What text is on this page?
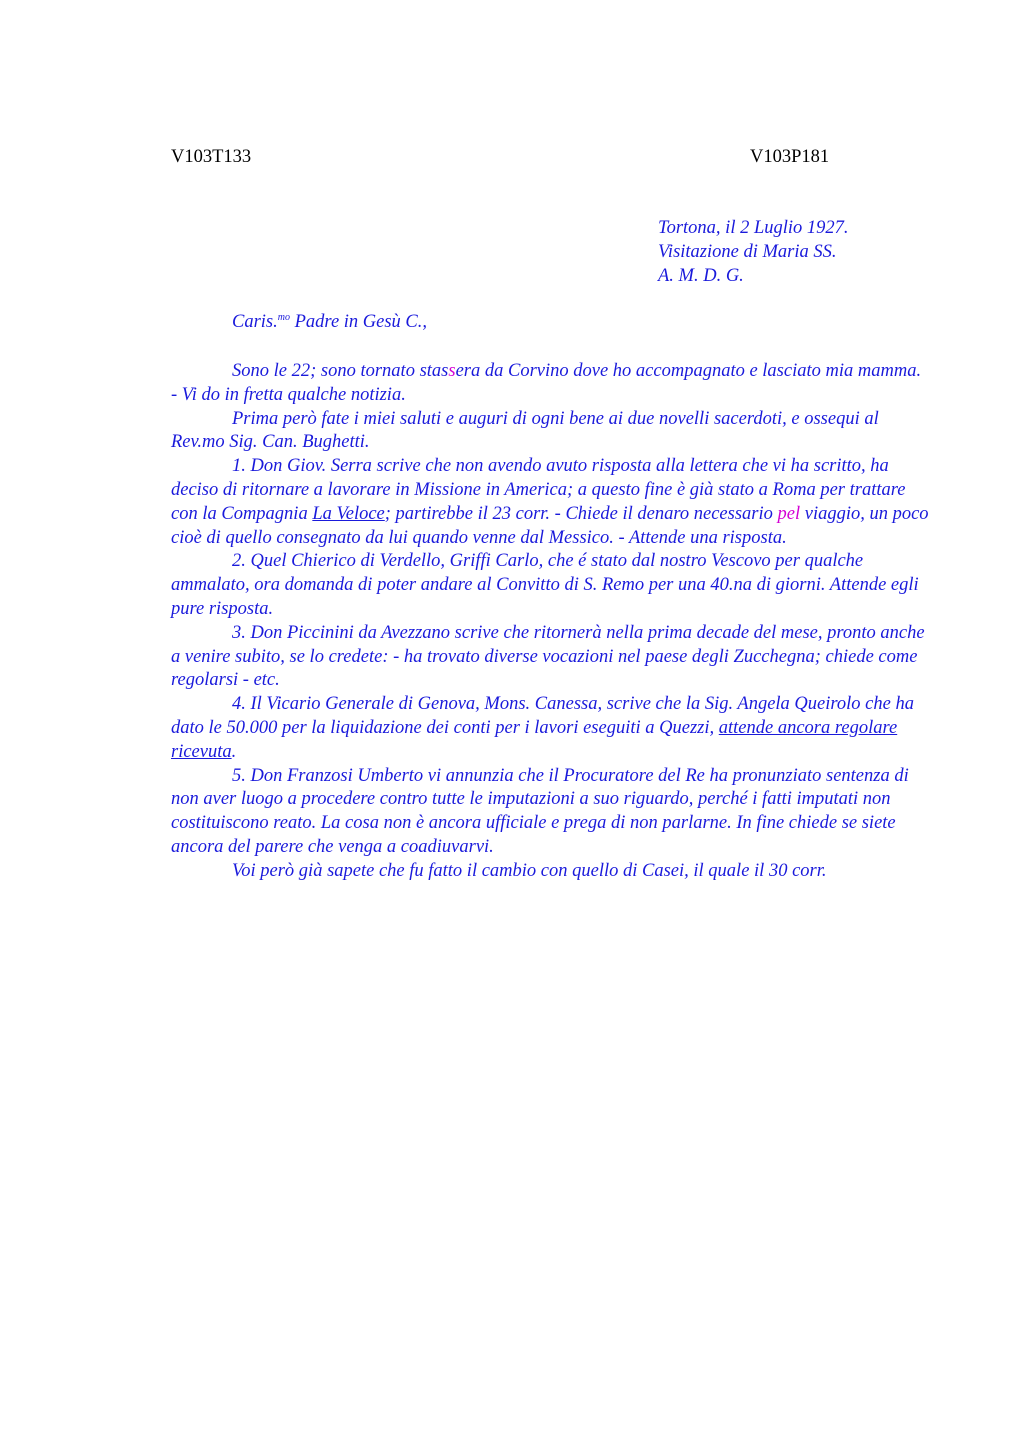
V103T133	V103P181
Tortona, il 2 Luglio 1927.
Visitazione di Maria SS.
A. M. D. G.
Caris.$^{mo}$ Padre in Gesù C.,

Sono le 22; sono tornato stassera da Corvino dove ho accompagnato e lasciato mia mamma. - Vi do in fretta qualche notizia.

Prima però fate i miei saluti e auguri di ogni bene ai due novelli sacerdoti, e ossequi al Rev.mo Sig. Can. Bughetti.

1. Don Giov. Serra scrive che non avendo avuto risposta alla lettera che vi ha scritto, ha deciso di ritornare a lavorare in Missione in America; a questo fine è già stato a Roma per trattare con la Compagnia La Veloce; partirebbe il 23 corr. - Chiede il denaro necessario pel viaggio, un poco cioè di quello consegnato da lui quando venne dal Messico. - Attende una risposta.

2. Quel Chierico di Verdello, Griffi Carlo, che é stato dal nostro Vescovo per qualche ammalato, ora domanda di poter andare al Convitto di S. Remo per una 40.na di giorni. Attende egli pure risposta.

3. Don Piccinini da Avezzano scrive che ritornerà nella prima decade del mese, pronto anche a venire subito, se lo credete: - ha trovato diverse vocazioni nel paese degli Zucchegna; chiede come regolarsi - etc.

4. Il Vicario Generale di Genova, Mons. Canessa, scrive che la Sig. Angela Queirolo che ha dato le 50.000 per la liquidazione dei conti per i lavori eseguiti a Quezzi, attende ancora regolare ricevuta.

5. Don Franzosi Umberto vi annunzia che il Procuratore del Re ha pronunziato sentenza di non aver luogo a procedere contro tutte le imputazioni a suo riguardo, perché i fatti imputati non costituiscono reato. La cosa non è ancora ufficiale e prega di non parlarne. In fine chiede se siete ancora del parere che venga a coadiuvarvi.

Voi però già sapete che fu fatto il cambio con quello di Casei, il quale il 30 corr.
